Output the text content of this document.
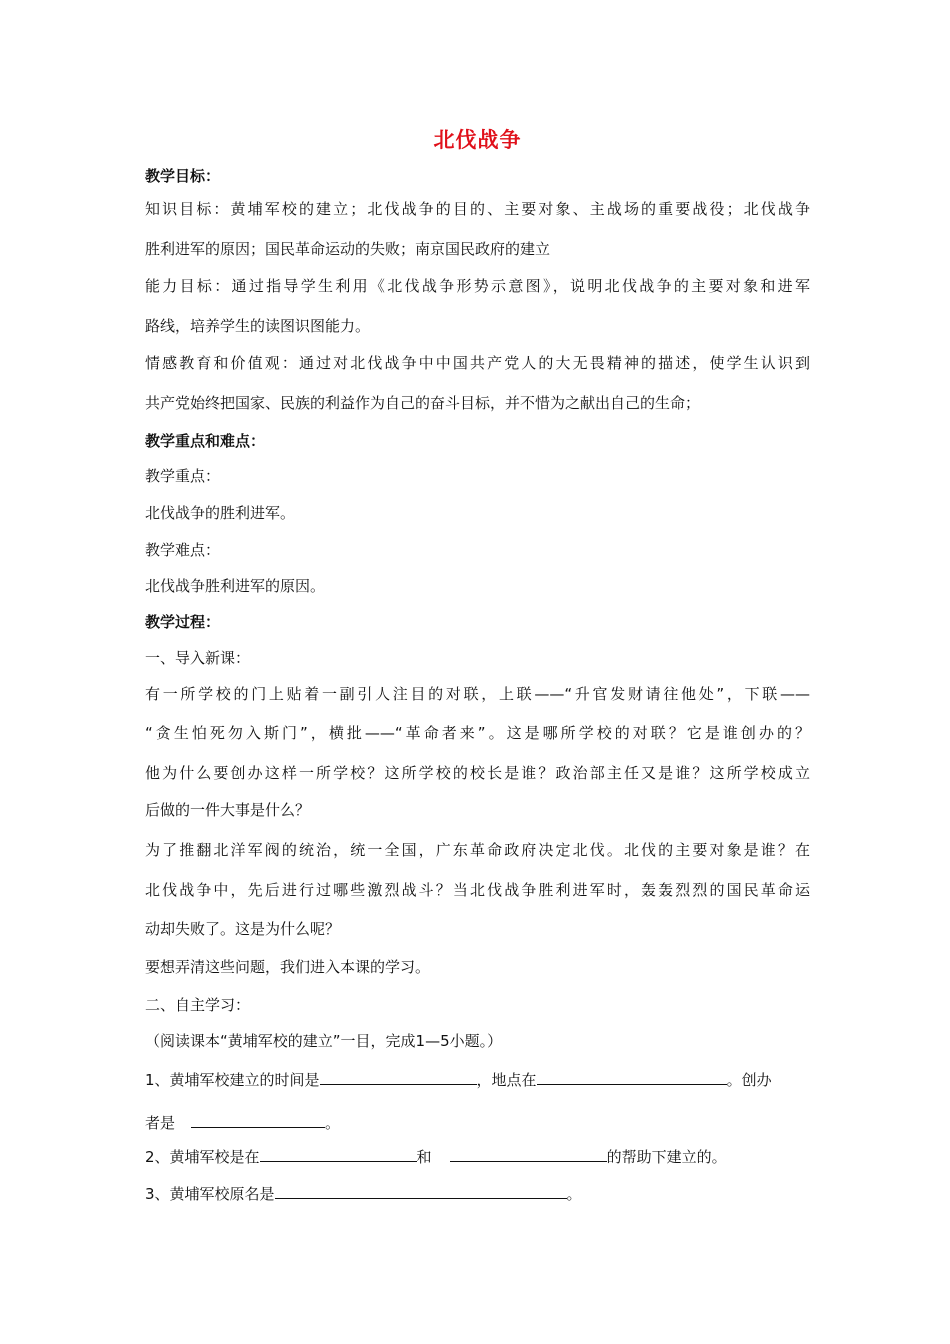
北伐战争
教学目标：
知识目标：黄埔军校的建立；北伐战争的目的、主要对象、主战场的重要战役；北伐战争
胜利进军的原因；国民革命运动的失败；南京国民政府的建立
能力目标：通过指导学生利用《北伐战争形势示意图》，说明北伐战争的主要对象和进军
路线，培养学生的读图识图能力。
情感教育和价值观：通过对北伐战争中中国共产党人的大无畏精神的描述，使学生认识到
共产党始终把国家、民族的利益作为自己的奋斗目标，并不惜为之献出自己的生命；
教学重点和难点：
教学重点：
北伐战争的胜利进军。
教学难点：
北伐战争胜利进军的原因。
教学过程：
一、导入新课：
有一所学校的门上贴着一副引人注目的对联，上联——“升官发财请往他处”，下联——
“贪生怕死勿入斯门”，横批——“革命者来”。这是哪所学校的对联？它是谁创办的？
他为什么要创办这样一所学校？这所学校的校长是谁？政治部主任又是谁？这所学校成立
后做的一件大事是什么？
为了推翻北洋军阀的统治，统一全国，广东革命政府决定北伐。北伐的主要对象是谁？在
北伐战争中，先后进行过哪些激烈战斗？当北伐战争胜利进军时，轰轰烈烈的国民革命运
动却失败了。这是为什么呢？
要想弄清这些问题，我们进入本课的学习。
二、自主学习：
（阅读课本“黄埔军校的建立”一目，完成1—5小题。）
1、黄埔军校建立的时间是	，地点在	。创办
者是	。
2、黄埔军校是在	和	的帮助下建立的。
3、黄埔军校原名是	。
